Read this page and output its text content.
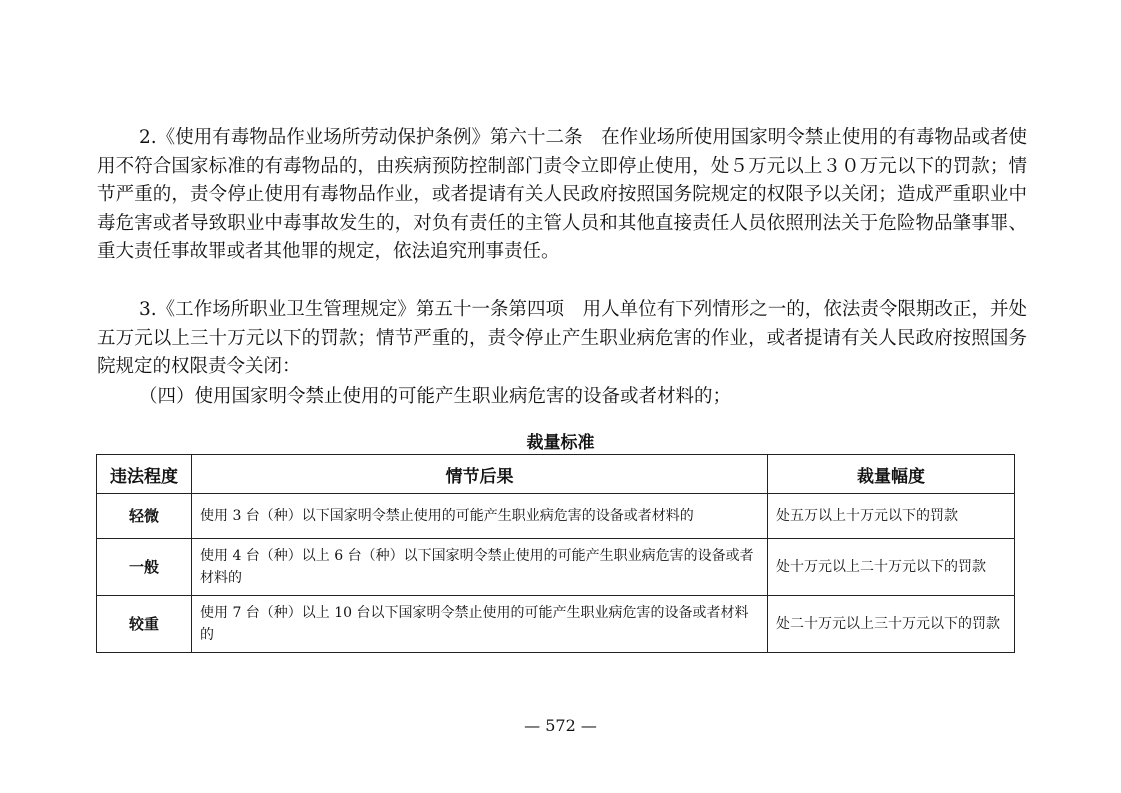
2.《使用有毒物品作业场所劳动保护条例》第六十二条　在作业场所使用国家明令禁止使用的有毒物品或者使用不符合国家标准的有毒物品的，由疾病预防控制部门责令立即停止使用，处５万元以上３０万元以下的罚款；情节严重的，责令停止使用有毒物品作业，或者提请有关人民政府按照国务院规定的权限予以关闭；造成严重职业中毒危害或者导致职业中毒事故发生的，对负有责任的主管人员和其他直接责任人员依照刑法关于危险物品肇事罪、重大责任事故罪或者其他罪的规定，依法追究刑事责任。

3.《工作场所职业卫生管理规定》第五十一条第四项　用人单位有下列情形之一的，依法责令限期改正，并处五万元以上三十万元以下的罚款；情节严重的，责令停止产生职业病危害的作业，或者提请有关人民政府按照国务院规定的权限责令关闭：

（四）使用国家明令禁止使用的可能产生职业病危害的设备或者材料的；

裁量标准
违法程度	情节后果	裁量幅度
轻微	使用 3 台（种）以下国家明令禁止使用的可能产生职业病危害的设备或者材料的	处五万以上十万元以下的罚款
一般	使用 4 台（种）以上 6 台（种）以下国家明令禁止使用的可能产生职业病危害的设备或者材料的	处十万元以上二十万元以下的罚款
较重	使用 7 台（种）以上 10 台以下国家明令禁止使用的可能产生职业病危害的设备或者材料的	处二十万元以上三十万元以下的罚款
— 572 —
